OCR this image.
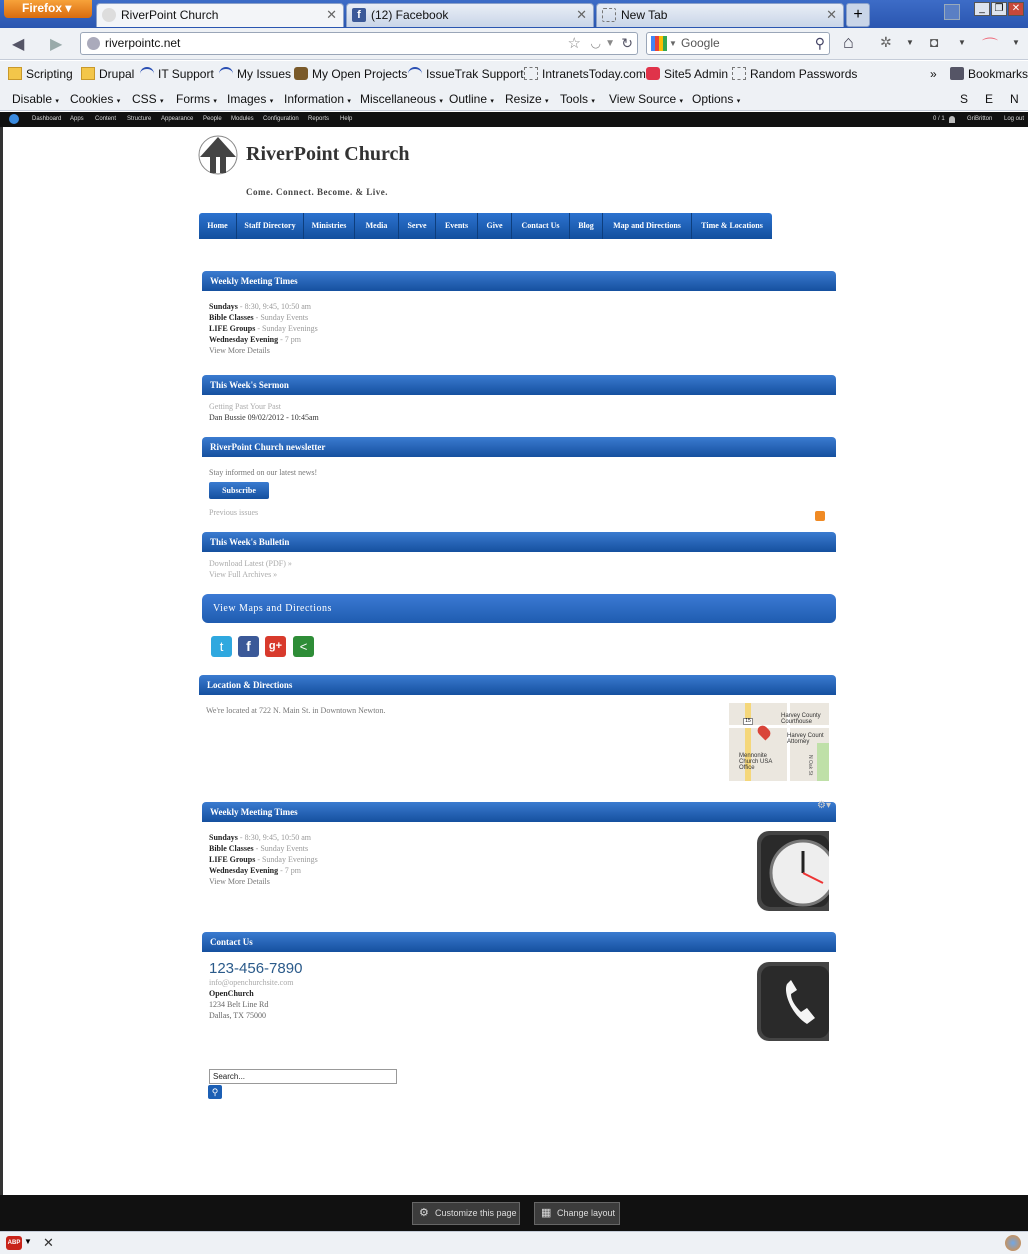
Firefox ▾	RiverPoint Church	✕	f (12) Facebook	✕	New Tab	✕	+	_ ❐ ✕
◀ ▶	riverpointc.net	☆ ◡ ▼ ↻	▼ Google	⚲ ⌂ ✲ ▼ ◘ ▼ ⌒ ▼
Scripting	Drupal	IT Support	My Issues	My Open Projects	IssueTrak Support	IntranetsToday.com	Site5 Admin	Random Passwords	»	Bookmarks
Disable ▾ Cookies ▾ CSS ▾ Forms ▾ Images ▾ Information ▾ Miscellaneous ▾ Outline ▾ Resize ▾ Tools ▾ View Source ▾ Options ▾	S E N
Dashboard Apps Content Structure Appearance People Modules Configuration Reports Help	0 / 1	GriBritton Log out
RiverPoint Church
Come. Connect. Become. & Live.
Home	Staff Directory	Ministries	Media	Serve	Events	Give	Contact Us	Blog	Map and Directions	Time & Locations
Weekly Meeting Times
Sundays - 8:30, 9:45, 10:50 am
Bible Classes - Sunday Events
LIFE Groups - Sunday Evenings
Wednesday Evening - 7 pm
View More Details
This Week's Sermon
Getting Past Your Past
Dan Bussie 09/02/2012 - 10:45am
RiverPoint Church newsletter
Stay informed on our latest news!
Subscribe
Previous issues
This Week's Bulletin
Download Latest (PDF) »
View Full Archives »
View Maps and Directions
t	f	g+	<
Location & Directions
We're located at 722 N. Main St. in Downtown Newton.
15
Harvey County Courthouse
Harvey Count Attorney
Mennonite Church USA Office	N Oak St
Weekly Meeting Times
⚙▾
Sundays - 8:30, 9:45, 10:50 am
Bible Classes - Sunday Events
LIFE Groups - Sunday Evenings
Wednesday Evening - 7 pm
View More Details
Contact Us
123-456-7890
info@openchurchsite.com
OpenChurch
1234 Belt Line Rd
Dallas, TX 75000
Search...
⚲
⚙ Customize this page	▦ Change layout
ABP ▼ ✕
